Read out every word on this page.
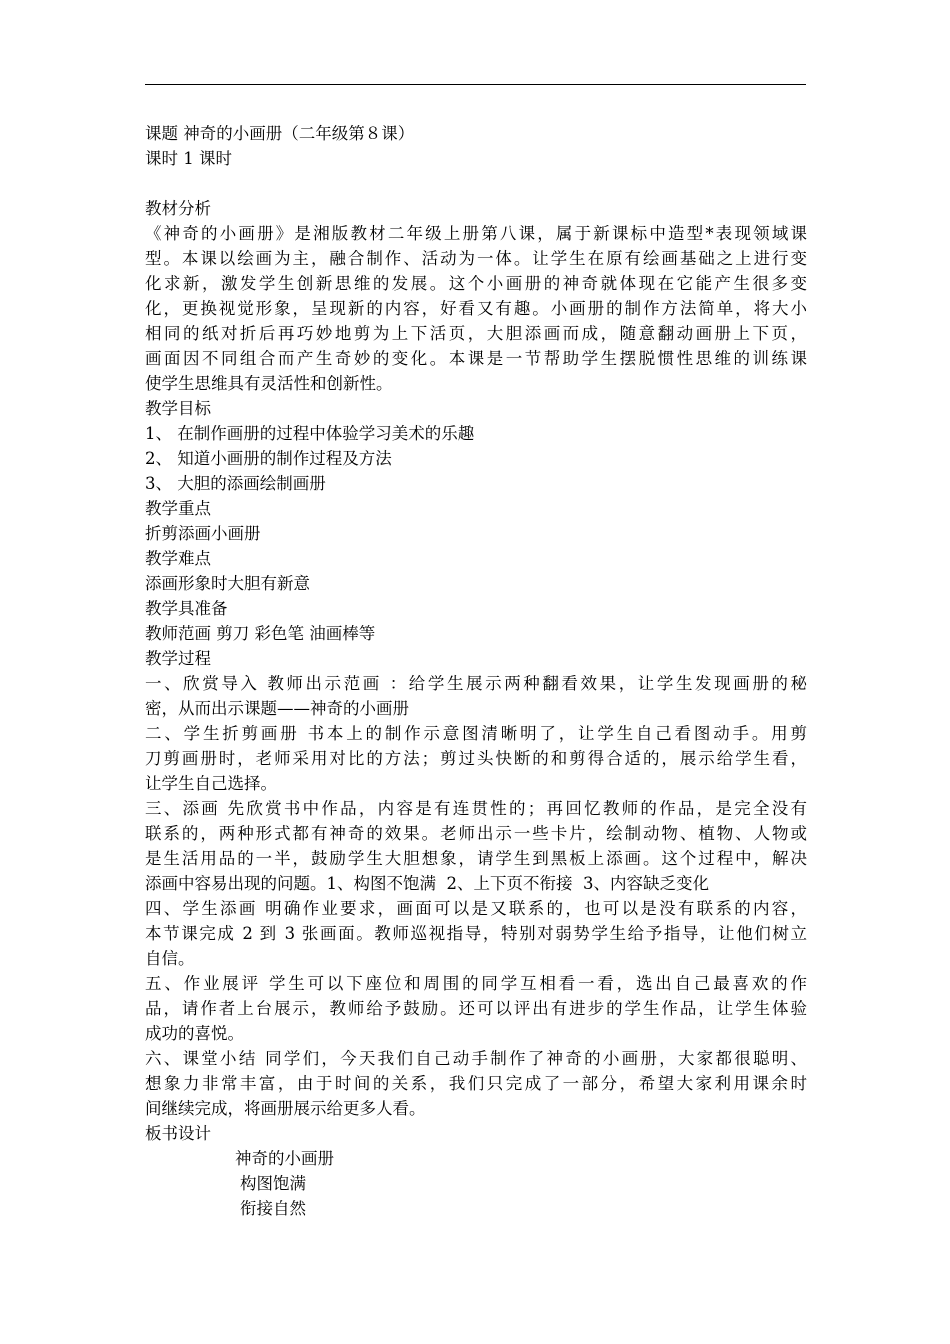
课题 神奇的小画册（二年级第８课）
课时 1 课时
教材分析
《神奇的小画册》是湘版教材二年级上册第八课，属于新课标中造型*表现领域课
型。本课以绘画为主，融合制作、活动为一体。让学生在原有绘画基础之上进行变
化求新，激发学生创新思维的发展。这个小画册的神奇就体现在它能产生很多变
化，更换视觉形象，呈现新的内容，好看又有趣。小画册的制作方法简单，将大小
相同的纸对折后再巧妙地剪为上下活页，大胆添画而成，随意翻动画册上下页，
画面因不同组合而产生奇妙的变化。本课是一节帮助学生摆脱惯性思维的训练课
使学生思维具有灵活性和创新性。
教学目标
1、 在制作画册的过程中体验学习美术的乐趣
2、 知道小画册的制作过程及方法
3、 大胆的添画绘制画册
教学重点
折剪添画小画册
教学难点
添画形象时大胆有新意
教学具准备
教师范画 剪刀 彩色笔 油画棒等
教学过程
一、欣赏导入 教师出示范画 ：给学生展示两种翻看效果，让学生发现画册的秘
密，从而出示课题——神奇的小画册
二、学生折剪画册 书本上的制作示意图清晰明了，让学生自己看图动手。用剪
刀剪画册时，老师采用对比的方法；剪过头快断的和剪得合适的，展示给学生看，
让学生自己选择。
三、添画 先欣赏书中作品，内容是有连贯性的；再回忆教师的作品，是完全没有
联系的，两种形式都有神奇的效果。老师出示一些卡片，绘制动物、植物、人物或
是生活用品的一半，鼓励学生大胆想象，请学生到黑板上添画。这个过程中，解决
添画中容易出现的问题。1、构图不饱满  2、上下页不衔接  3、内容缺乏变化
四、学生添画 明确作业要求，画面可以是又联系的，也可以是没有联系的内容，
本节课完成 2 到 3 张画面。教师巡视指导，特别对弱势学生给予指导，让他们树立
自信。
五、作业展评 学生可以下座位和周围的同学互相看一看，选出自己最喜欢的作
品，请作者上台展示，教师给予鼓励。还可以评出有进步的学生作品，让学生体验
成功的喜悦。
六、课堂小结 同学们，今天我们自己动手制作了神奇的小画册，大家都很聪明、
想象力非常丰富，由于时间的关系，我们只完成了一部分，希望大家利用课余时
间继续完成，将画册展示给更多人看。
板书设计
神奇的小画册
构图饱满
衔接自然
